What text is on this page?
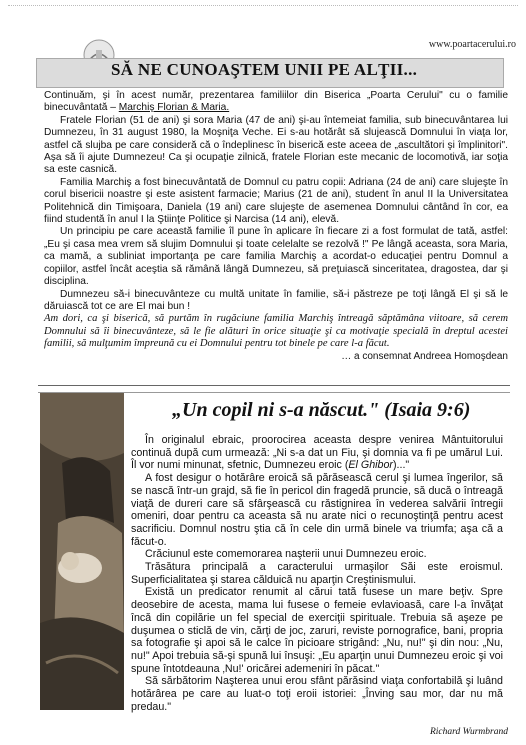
www.poartacerului.ro
SĂ NE CUNOAŞTEM UNII PE ALŢII...

Continuăm, şi în acest număr, prezentarea familiilor din Biserica „Poarta Cerului" cu o familie binecuvântată – Marchiş Florian & Maria.

Fratele Florian (51 de ani) şi sora Maria (47 de ani) şi-au întemeiat familia, sub binecuvântarea lui Dumnezeu, în 31 august 1980, la Moşniţa Veche. Ei s-au hotărât să slujească Domnului în viaţa lor, astfel că slujba pe care consideră că o îndeplinesc în biserică este aceea de „ascultători şi împlinitori". Aşa să îi ajute Dumnezeu! Ca şi ocupaţie zilnică, fratele Florian este mecanic de locomotivă, iar soţia sa este casnică.

Familia Marchiş a fost binecuvântată de Domnul cu patru copii: Adriana (24 de ani) care slujeşte în corul bisericii noastre şi este asistent farmacie; Marius (21 de ani), student în anul II la Universitatea Politehnică din Timişoara, Daniela (19 ani) care slujeşte de asemenea Domnului cântând în cor, ea fiind studentă în anul I la Ştiinţe Politice şi Narcisa (14 ani), elevă.

Un principiu pe care această familie îl pune în aplicare în fiecare zi a fost formulat de tată, astfel: „Eu şi casa mea vrem să slujim Domnului şi toate celelalte se rezolvă !" Pe lângă aceasta, sora Maria, ca mamă, a subliniat importanţa pe care familia Marchiş a acordat-o educaţiei pentru Domnul a copiilor, astfel încât aceştia să rămână lângă Dumnezeu, să preţuiască sinceritatea, dragostea, dar şi disciplina.

Dumnezeu să-i binecuvânteze cu multă unitate în familie, să-i păstreze pe toţi lângă El şi să le dăruiască tot ce are El mai bun !

Am dori, ca şi biserică, să purtăm în rugăciune familia Marchiş întreagă săptămâna viitoare, să cerem Domnului să îi binecuvânteze, să le fie alături în orice situaţie şi ca motivaţie specială în dreptul acestei familii, să mulţumim împreună cu ei Domnului pentru tot binele pe care l-a făcut.

… a consemnat Andreea Homoşdean
„Un copil ni s-a născut." (Isaia 9:6)

În originalul ebraic, proorocirea aceasta despre venirea Mântuitorului continuă după cum urmează: „Ni s-a dat un Fiu, şi domnia va fi pe umărul Lui. Îl vor numi minunat, sfetnic, Dumnezeu eroic (El Ghibor)..."

A fost desigur o hotărâre eroică să părăsească cerul şi lumea îngerilor, să se nască într-un grajd, să fie în pericol din fragedă pruncie, să ducă o întreagă viaţă de dureri care să sfârşească cu răstignirea în vederea salvării întregii omeniri, doar pentru ca aceasta să nu arate nici o recunoştinţă pentru acest sacrificiu. Domnul nostru ştia că în cele din urmă binele va triumfa; aşa că a făcut-o.

Crăciunul este comemorarea naşterii unui Dumnezeu eroic.

Trăsătura principală a caracterului urmaşilor Săi este eroismul. Superficialitatea şi starea călduică nu aparţin Creştinismului.

Există un predicator renumit al cărui tată fusese un mare beţiv. Spre deosebire de acesta, mama lui fusese o femeie evlavioasă, care l-a învăţat încă din copilărie un fel special de exerciţii spirituale. Trebuia să aşeze pe duşumea o sticlă de vin, cărţi de joc, zaruri, reviste pornografice, bani, propria sa fotografie şi apoi să le calce în picioare strigând: „Nu, nu!" şi din nou: „Nu, nu!" Apoi trebuia să-şi spună lui însuşi: „Eu aparţin unui Dumnezeu eroic şi voi spune întotdeauna ‚Nu!' oricărei ademeniri în păcat."

Să sărbătorim Naşterea unui erou sfânt părăsind viaţa confortabilă şi luând hotărârea pe care au luat-o toţi eroii istoriei: „Înving sau mor, dar nu mă predau."

Richard Wurmbrand
